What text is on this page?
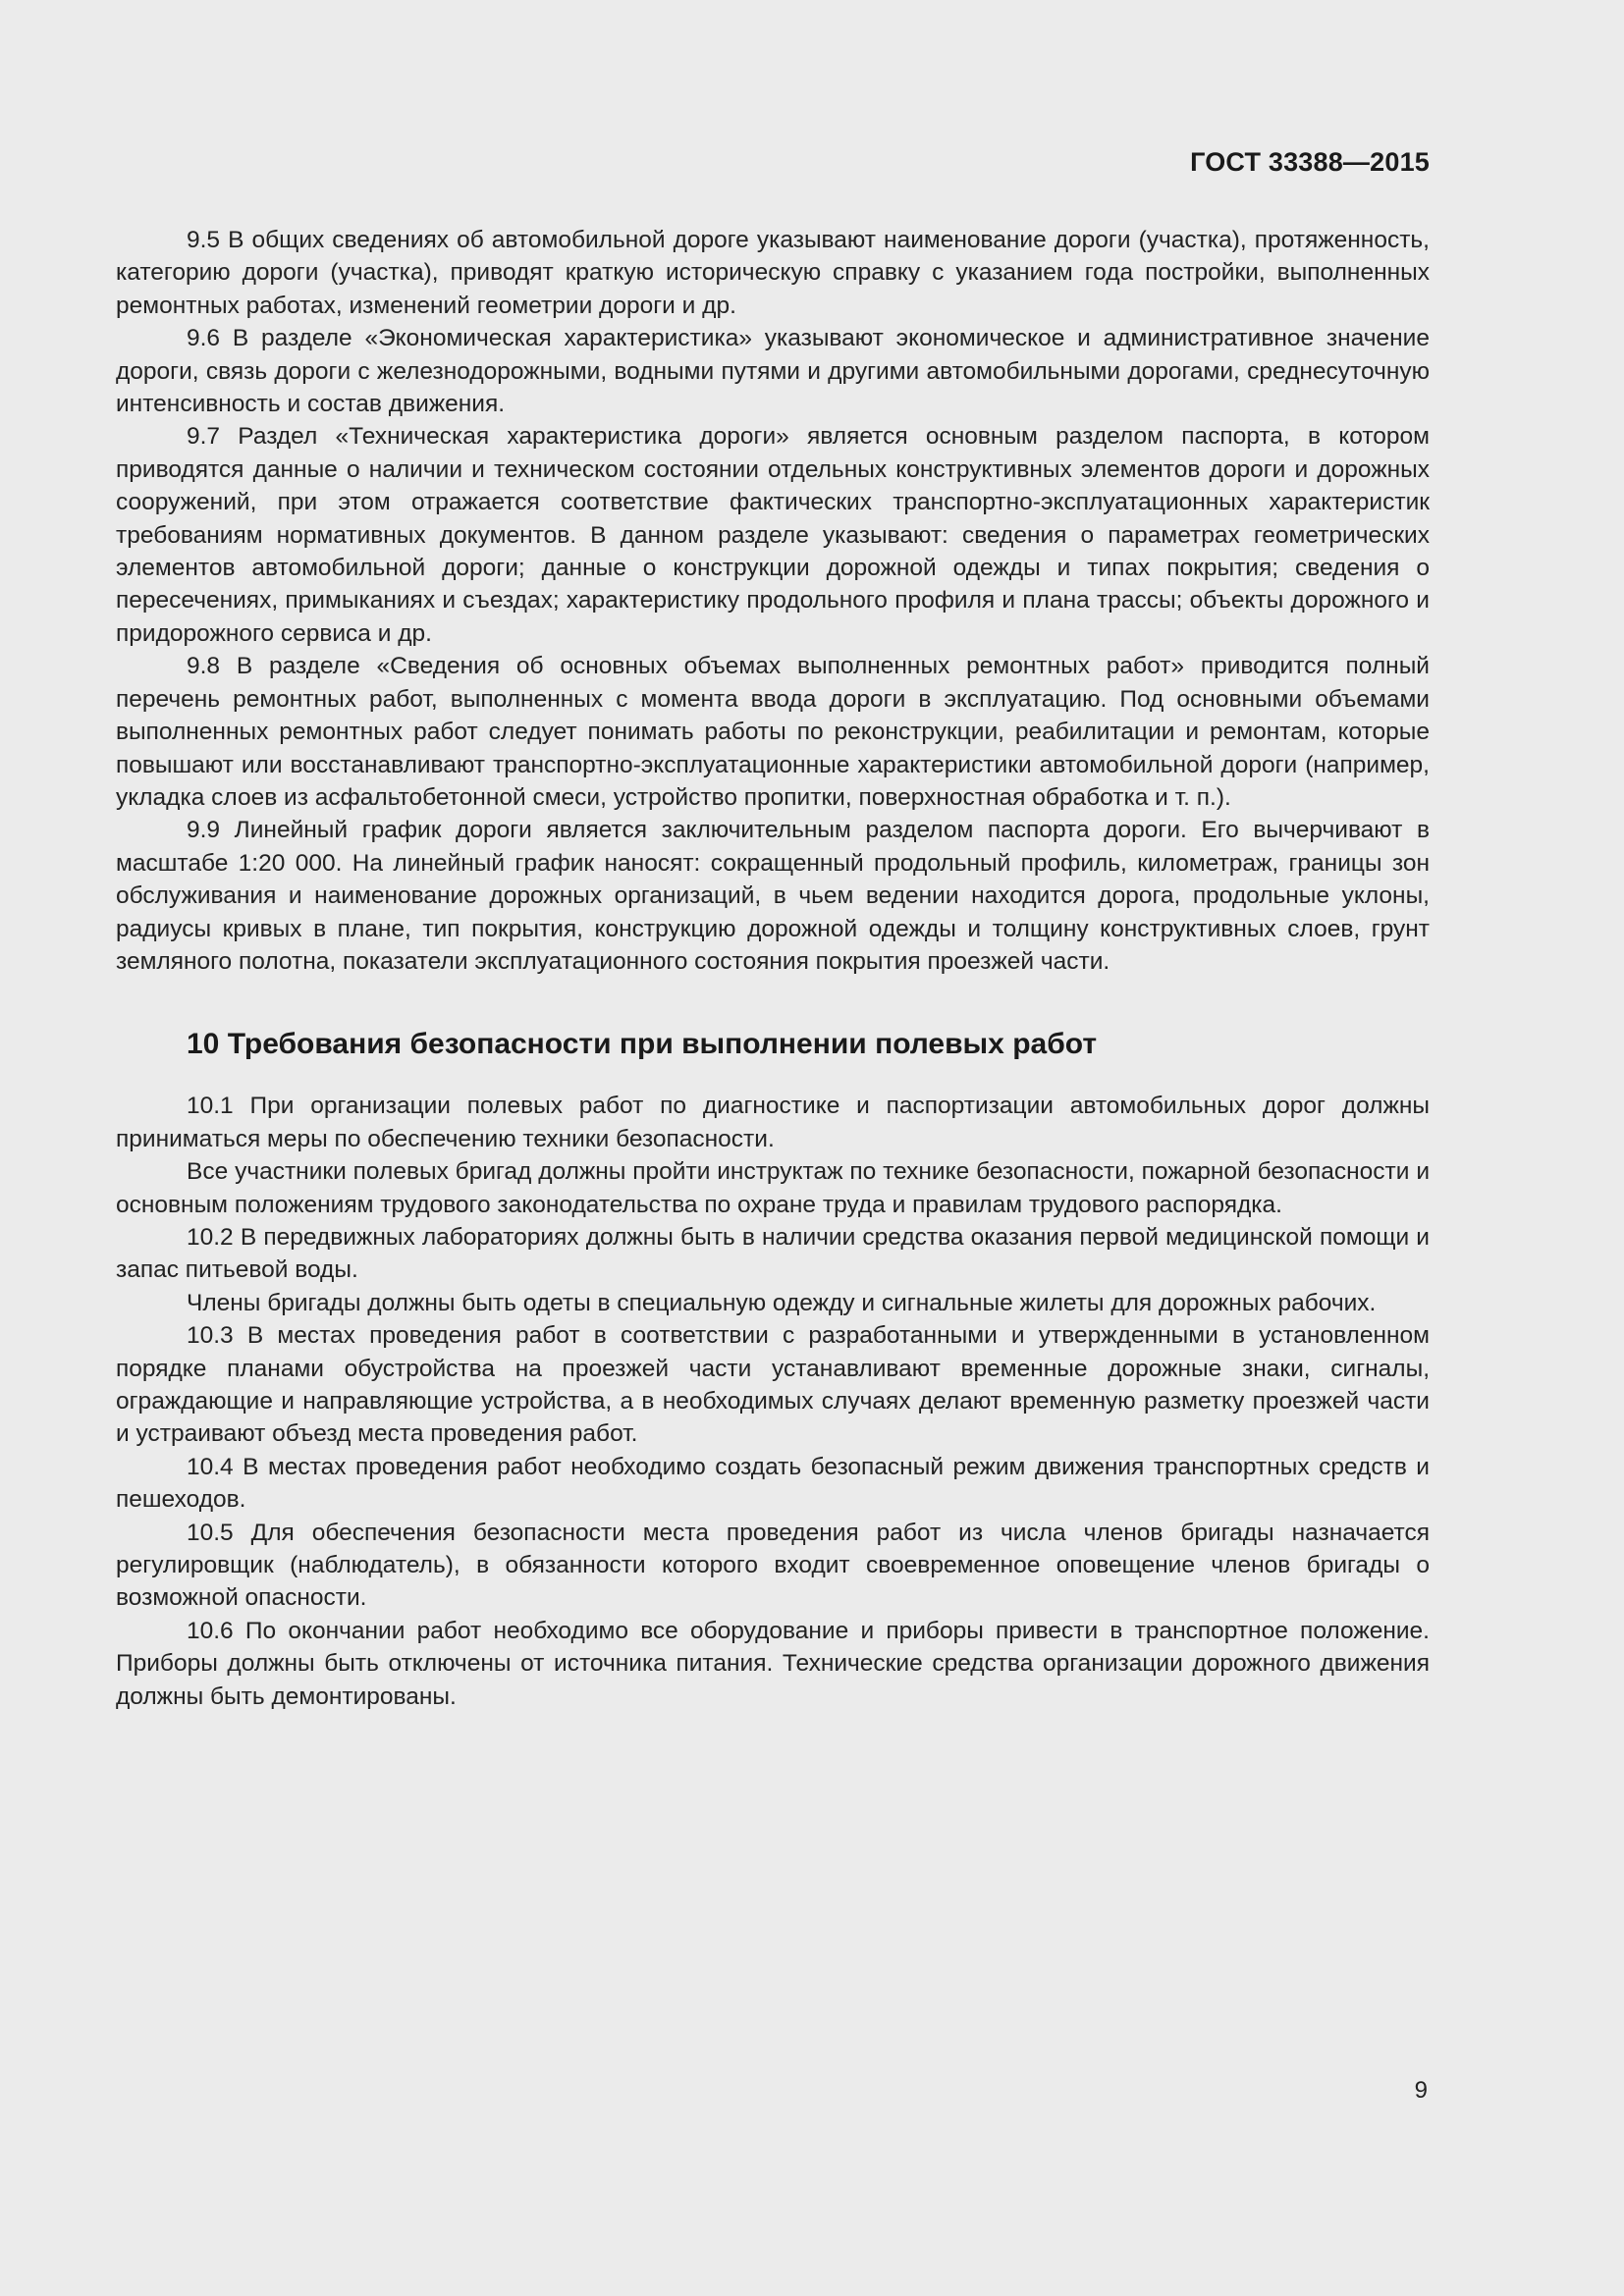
ГОСТ 33388—2015

9.5 В общих сведениях об автомобильной дороге указывают наименование дороги (участка), протяженность, категорию дороги (участка), приводят краткую историческую справку с указанием года постройки, выполненных ремонтных работах, изменений геометрии дороги и др.

9.6 В разделе «Экономическая характеристика» указывают экономическое и административное значение дороги, связь дороги с железнодорожными, водными путями и другими автомобильными дорогами, среднесуточную интенсивность и состав движения.

9.7 Раздел «Техническая характеристика дороги» является основным разделом паспорта, в котором приводятся данные о наличии и техническом состоянии отдельных конструктивных элементов дороги и дорожных сооружений, при этом отражается соответствие фактических транспортно-эксплуатационных характеристик требованиям нормативных документов. В данном разделе указывают: сведения о параметрах геометрических элементов автомобильной дороги; данные о конструкции дорожной одежды и типах покрытия; сведения о пересечениях, примыканиях и съездах; характеристику продольного профиля и плана трассы; объекты дорожного и придорожного сервиса и др.

9.8 В разделе «Сведения об основных объемах выполненных ремонтных работ» приводится полный перечень ремонтных работ, выполненных с момента ввода дороги в эксплуатацию. Под основными объемами выполненных ремонтных работ следует понимать работы по реконструкции, реабилитации и ремонтам, которые повышают или восстанавливают транспортно-эксплуатационные характеристики автомобильной дороги (например, укладка слоев из асфальтобетонной смеси, устройство пропитки, поверхностная обработка и т. п.).

9.9 Линейный график дороги является заключительным разделом паспорта дороги. Его вычерчивают в масштабе 1:20 000. На линейный график наносят: сокращенный продольный профиль, километраж, границы зон обслуживания и наименование дорожных организаций, в чьем ведении находится дорога, продольные уклоны, радиусы кривых в плане, тип покрытия, конструкцию дорожной одежды и толщину конструктивных слоев, грунт земляного полотна, показатели эксплуатационного состояния покрытия проезжей части.

10 Требования безопасности при выполнении полевых работ

10.1 При организации полевых работ по диагностике и паспортизации автомобильных дорог должны приниматься меры по обеспечению техники безопасности.

Все участники полевых бригад должны пройти инструктаж по технике безопасности, пожарной безопасности и основным положениям трудового законодательства по охране труда и правилам трудового распорядка.

10.2 В передвижных лабораториях должны быть в наличии средства оказания первой медицинской помощи и запас питьевой воды.

Члены бригады должны быть одеты в специальную одежду и сигнальные жилеты для дорожных рабочих.

10.3 В местах проведения работ в соответствии с разработанными и утвержденными в установленном порядке планами обустройства на проезжей части устанавливают временные дорожные знаки, сигналы, ограждающие и направляющие устройства, а в необходимых случаях делают временную разметку проезжей части и устраивают объезд места проведения работ.

10.4 В местах проведения работ необходимо создать безопасный режим движения транспортных средств и пешеходов.

10.5 Для обеспечения безопасности места проведения работ из числа членов бригады назначается регулировщик (наблюдатель), в обязанности которого входит своевременное оповещение членов бригады о возможной опасности.

10.6 По окончании работ необходимо все оборудование и приборы привести в транспортное положение. Приборы должны быть отключены от источника питания. Технические средства организации дорожного движения должны быть демонтированы.

9
